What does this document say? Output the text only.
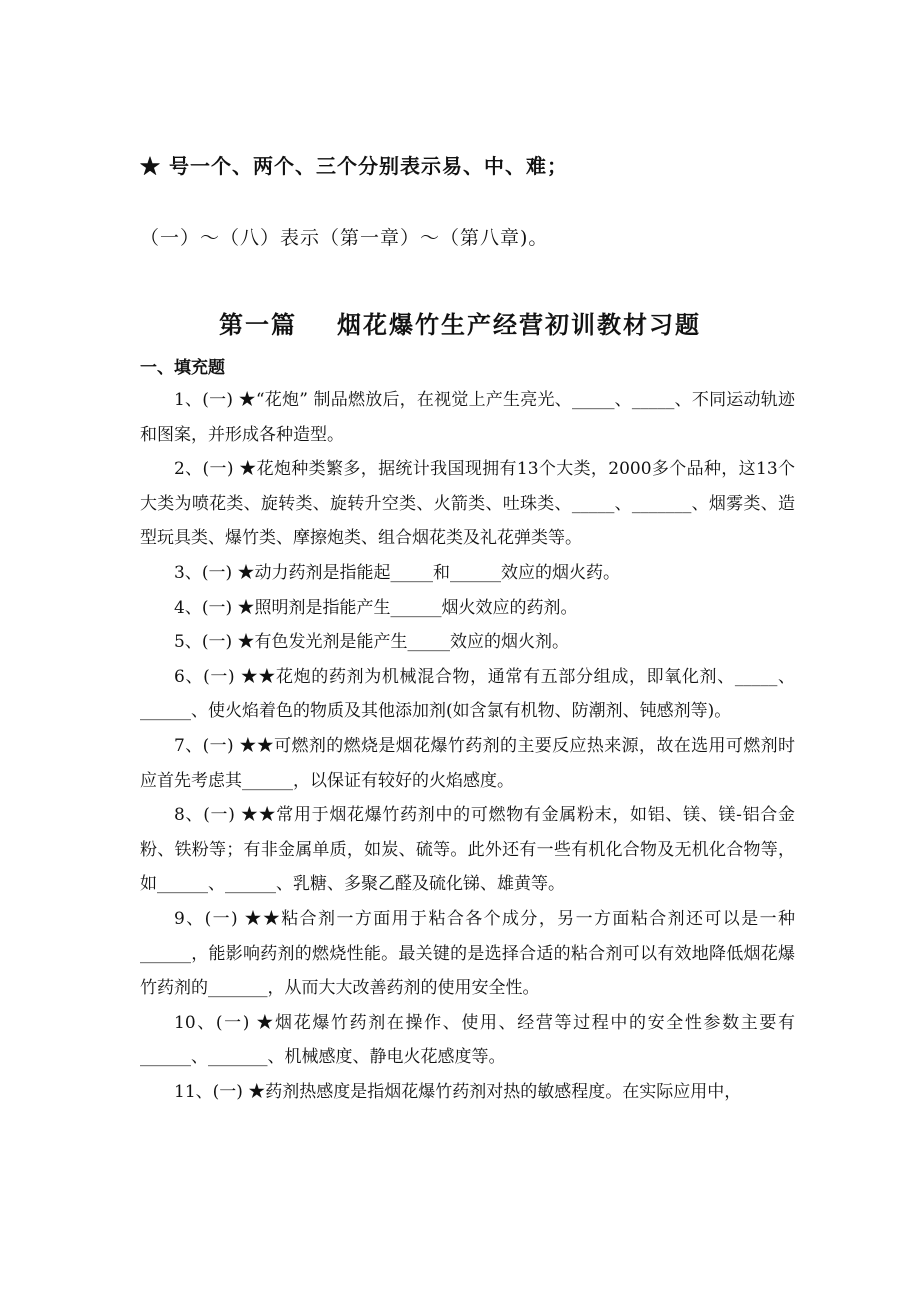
★ 号一个、两个、三个分别表示易、中、难；
（一）～（八）表示（第一章）～（第八章)。
第一篇 烟花爆竹生产经营初训教材习题
一、填充题

1、(一) ★“花炮” 制品燃放后，在视觉上产生亮光、_____、_____、不同运动轨迹和图案，并形成各种造型。

2、(一) ★花炮种类繁多，据统计我国现拥有13个大类，2000多个品种，这13个大类为喷花类、旋转类、旋转升空类、火箭类、吐珠类、_____、_______、烟雾类、造型玩具类、爆竹类、摩擦炮类、组合烟花类及礼花弹类等。

3、(一) ★动力药剂是指能起_____和______效应的烟火药。

4、(一) ★照明剂是指能产生______烟火效应的药剂。

5、(一) ★有色发光剂是能产生_____效应的烟火剂。

6、(一) ★★花炮的药剂为机械混合物，通常有五部分组成，即氧化剂、_____、______、使火焰着色的物质及其他添加剂(如含氯有机物、防潮剂、钝感剂等)。

7、(一) ★★可燃剂的燃烧是烟花爆竹药剂的主要反应热来源，故在选用可燃剂时应首先考虑其______，以保证有较好的火焰感度。

8、(一) ★★常用于烟花爆竹药剂中的可燃物有金属粉末，如铝、镁、镁-铝合金粉、铁粉等；有非金属单质，如炭、硫等。此外还有一些有机化合物及无机化合物等，如______、______、乳糖、多聚乙醛及硫化锑、雄黄等。

9、(一) ★★粘合剂一方面用于粘合各个成分，另一方面粘合剂还可以是一种______，能影响药剂的燃烧性能。最关键的是选择合适的粘合剂可以有效地降低烟花爆竹药剂的_______，从而大大改善药剂的使用安全性。

10、(一) ★烟花爆竹药剂在操作、使用、经营等过程中的安全性参数主要有______、_______、机械感度、静电火花感度等。

11、(一) ★药剂热感度是指烟花爆竹药剂对热的敏感程度。在实际应用中，
